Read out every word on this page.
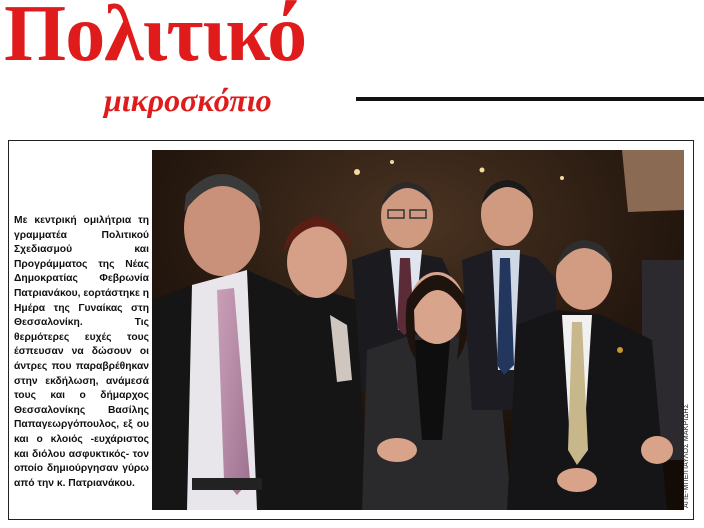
Πολιτικό
μικροσκόπιο

Με κεντρική ομιλήτρια τη γραμματέα Πολιτικού Σχεδιασμού και Προγράμματος της Νέας Δημοκρατίας Φεβρωνία Πατριανάκου, εορτάστηκε η Ημέρα της Γυναίκας στη Θεσσαλονίκη. Τις θερμότερες ευχές τους έσπευσαν να δώσουν οι άντρες που παραβρέθηκαν στην εκδήλωση, ανάμεσά τους και ο δήμαρχος Θεσσαλονίκης Βασίλης Παπαγεωργόπουλος, εξ ου και ο κλοιός -ευχάριστος και διόλου ασφυκτικός- τον οποίο δημιούργησαν γύρω από την κ. Πατριανάκου.	ΑΠΕ-ΜΠΕ/ΠΑΥΛΟΣ ΜΑΚΡΙΔΗΣ
